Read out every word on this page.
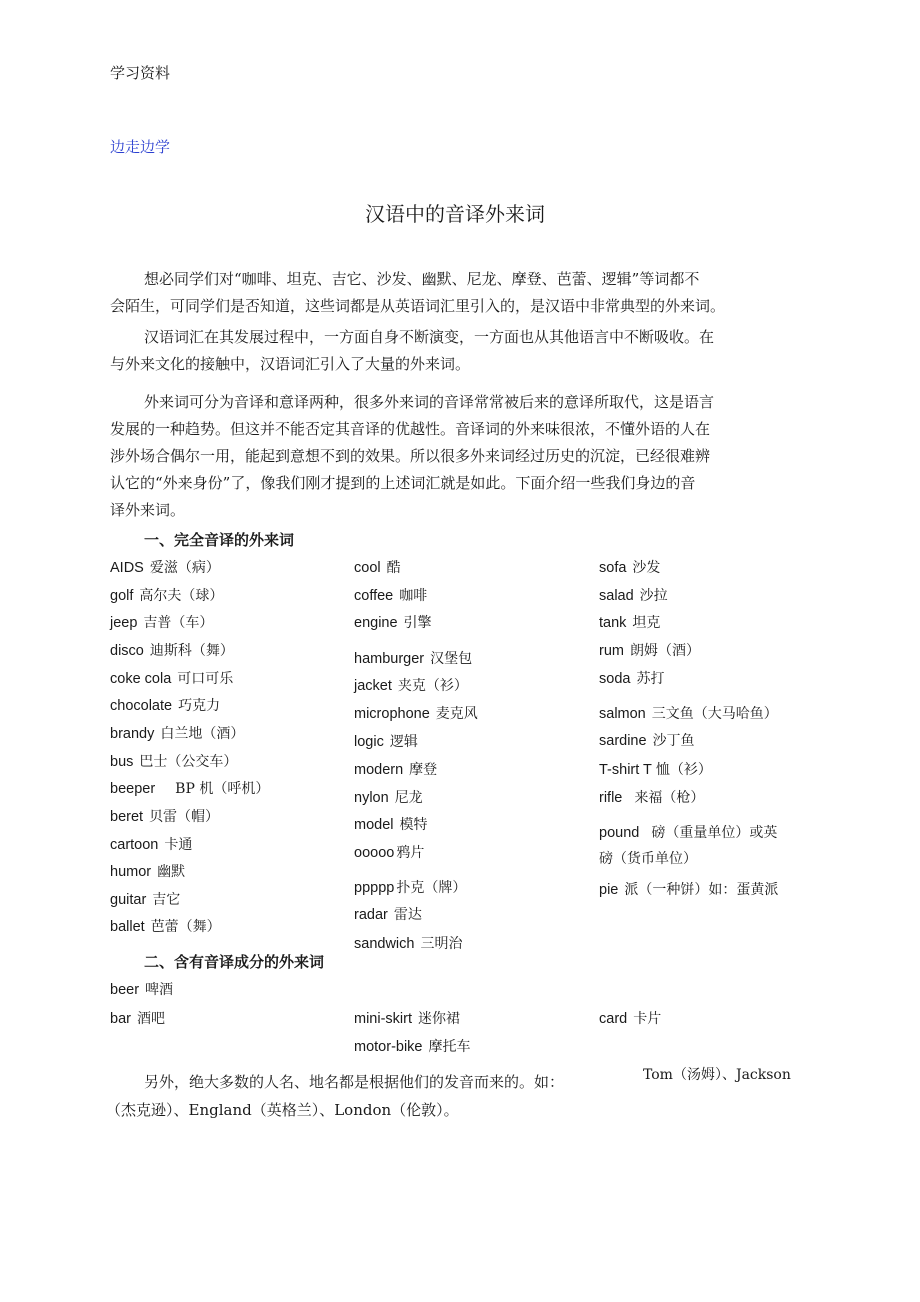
学习资料
边走边学
汉语中的音译外来词
想必同学们对“咖啡、坦克、吉它、沙发、幽默、尼龙、摩登、芭蕾、逻辑”等词都不
会陌生，可同学们是否知道，这些词都是从英语词汇里引入的，是汉语中非常典型的外来词。
汉语词汇在其发展过程中，一方面自身不断演变，一方面也从其他语言中不断吸收。在
与外来文化的接触中，汉语词汇引入了大量的外来词。
外来词可分为音译和意译两种，很多外来词的音译常常被后来的意译所取代，这是语言
发展的一种趋势。但这并不能否定其音译的优越性。音译词的外来味很浓，不懂外语的人在
涉外场合偶尔一用，能起到意想不到的效果。所以很多外来词经过历史的沉淀，已经很难辨
认它的“外来身份”了，像我们刚才提到的上述词汇就是如此。下面介绍一些我们身边的音
译外来词。
一、完全音译的外来词
AIDS 爱滋（病）
golf 高尔夫（球）
jeep 吉普（车）
disco 迪斯科（舞）
coke cola 可口可乐
chocolate 巧克力
brandy 白兰地（酒）
bus 巴士（公交车）
beeper BP 机（呼机）
beret 贝雷（帽）
cartoon 卡通
humor 幽默
guitar 吉它
ballet 芭蕾（舞）
cool 酷
coffee 咖啡
engine 引擎
hamburger 汉堡包
jacket 夹克（衫）
microphone 麦克风
logic 逻辑
modern 摩登
nylon 尼龙
model 模特
ooooo 鸦片
ppppp 扑克（牌）
radar 雷达
sandwich 三明治
sofa 沙发
salad 沙拉
tank 坦克
rum 朗姆（酒）
soda 苏打
salmon 三文鱼（大马哈鱼）
sardine 沙丁鱼
T-shirt T 恤（衫）
rifle 来福（枪）
pound 磅（重量单位）或英
磅（货币单位）
pie 派（一种饼）如：蛋黄派
二、含有音译成分的外来词
beer 啤酒
bar 酒吧	mini-skirt 迷你裙
motor-bike 摩托车
card 卡片
另外，绝大多数的人名、地名都是根据他们的发音而来的。如：	Tom（汤姆）、Jackson
（杰克逊）、England（英格兰）、London（伦敦）。
